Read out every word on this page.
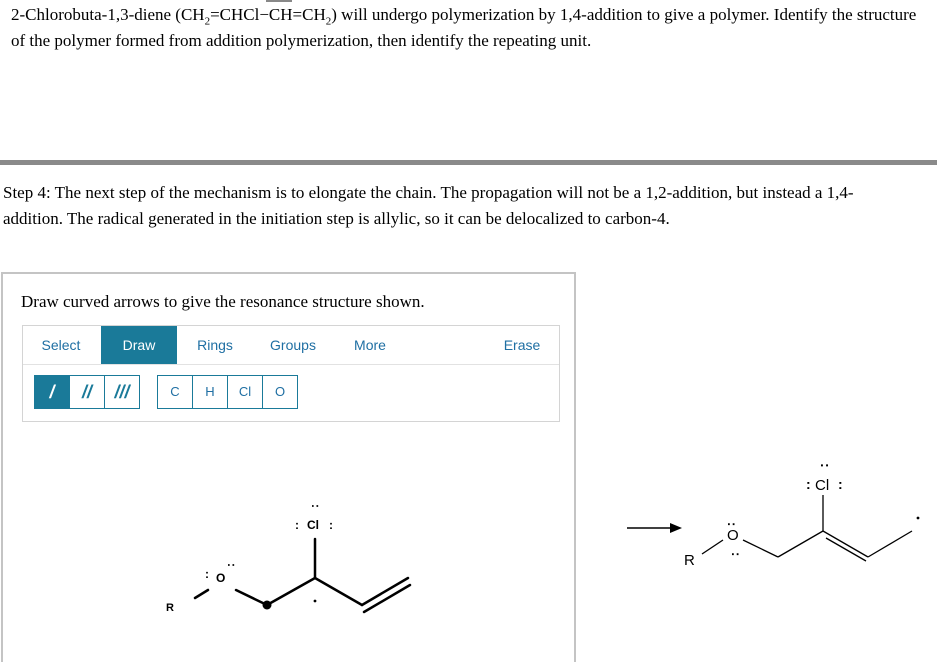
2-Chlorobuta-1,3-diene $(CH_2=CHCl-CH=CH_2)$ will undergo polymerization by 1,4-addition to give a polymer. Identify the structure of the polymer formed from addition polymerization, then identify the repeating unit.
Step 4: The next step of the mechanism is to elongate the chain. The propagation will not be a 1,2-addition, but instead a 1,4-addition. The radical generated in the initiation step is allylic, so it can be delocalized to carbon-4.
Draw curved arrows to give the resonance structure shown.
Select	Draw	Rings	Groups	More	Erase
/	//	///	C	H	Cl	O
R
O
:
:
Cl
:	:
:
R
O
:
:
Cl
: :
:
